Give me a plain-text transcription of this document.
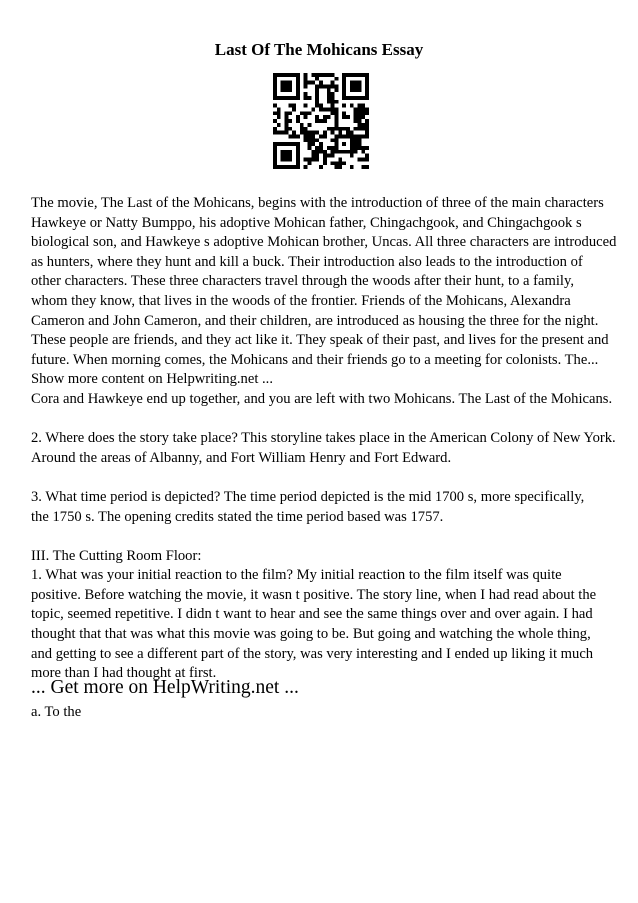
Last Of The Mohicans Essay
The movie, The Last of the Mohicans, begins with the introduction of three of the main characters
Hawkeye or Natty Bumppo, his adoptive Mohican father, Chingachgook, and Chingachgook s
biological son, and Hawkeye s adoptive Mohican brother, Uncas. All three characters are introduced
as hunters, where they hunt and kill a buck. Their introduction also leads to the introduction of
other characters. These three characters travel through the woods after their hunt, to a family,
whom they know, that lives in the woods of the frontier. Friends of the Mohicans, Alexandra
Cameron and John Cameron, and their children, are introduced as housing the three for the night.
These people are friends, and they act like it. They speak of their past, and lives for the present and
future. When morning comes, the Mohicans and their friends go to a meeting for colonists. The...
Show more content on Helpwriting.net ...
Cora and Hawkeye end up together, and you are left with two Mohicans. The Last of the Mohicans.
2. Where does the story take place? This storyline takes place in the American Colony of New York.
Around the areas of Albanny, and Fort William Henry and Fort Edward.
3. What time period is depicted? The time period depicted is the mid 1700 s, more specifically,
the 1750 s. The opening credits stated the time period based was 1757.
III. The Cutting Room Floor:
1. What was your initial reaction to the film? My initial reaction to the film itself was quite
positive. Before watching the movie, it wasn t positive. The story line, when I had read about the
topic, seemed repetitive. I didn t want to hear and see the same things over and over again. I had
thought that that was what this movie was going to be. But going and watching the whole thing,
and getting to see a different part of the story, was very interesting and I ended up liking it much
more than I had thought at first.
a. To the
... Get more on HelpWriting.net ...
